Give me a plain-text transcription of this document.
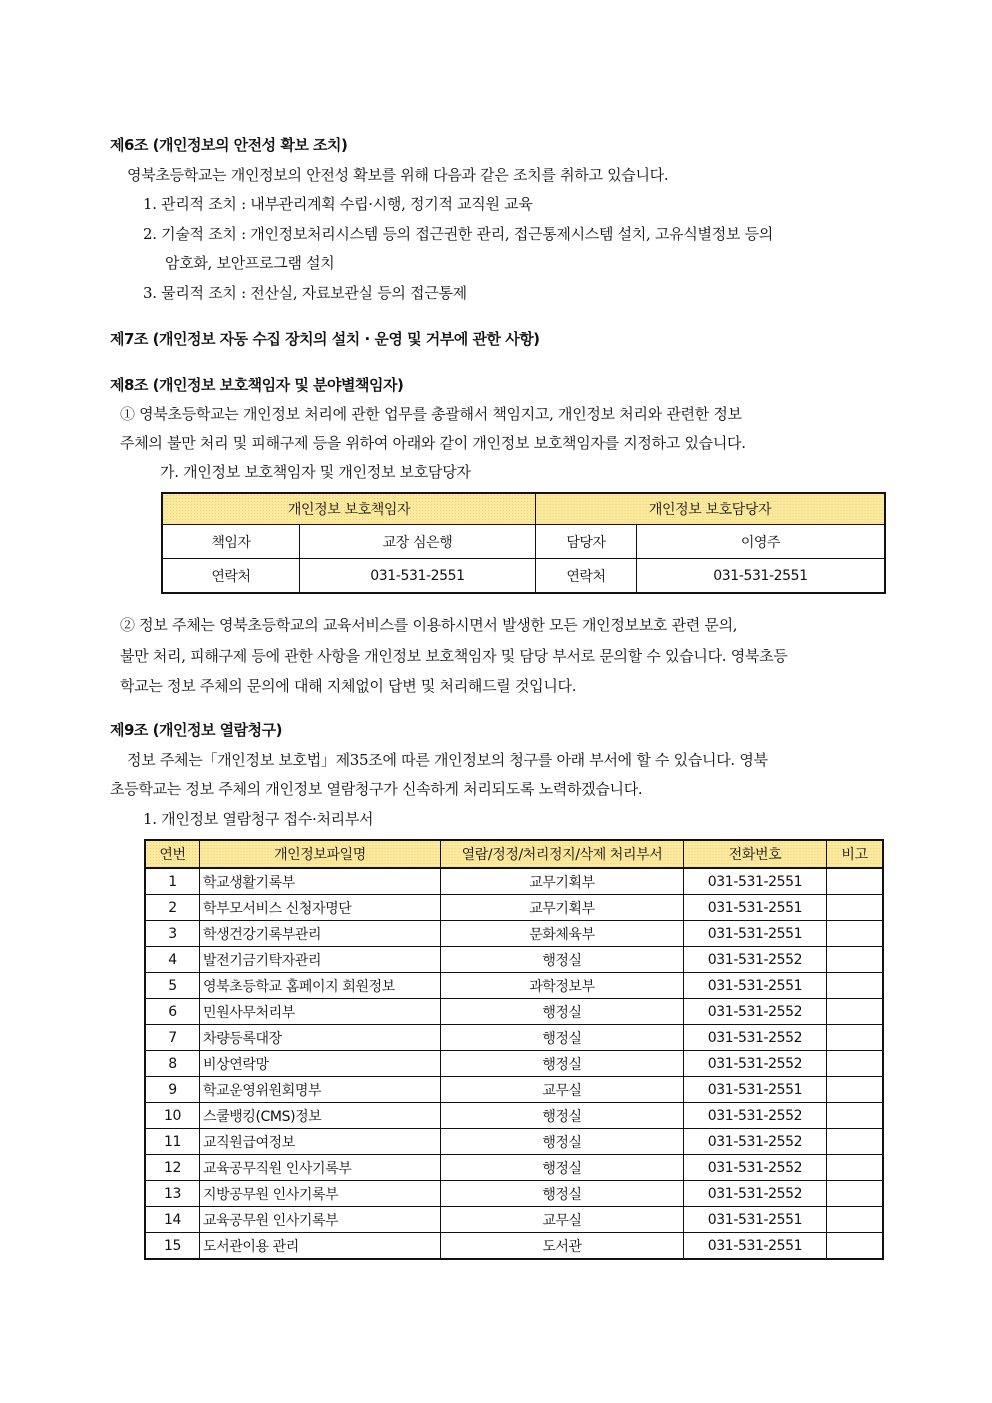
제6조 (개인정보의 안전성 확보 조치)
영북초등학교는 개인정보의 안전성 확보를 위해 다음과 같은 조치를 취하고 있습니다.
1. 관리적 조치 : 내부관리계획 수립·시행, 정기적 교직원 교육
2. 기술적 조치 : 개인정보처리시스템 등의 접근권한 관리, 접근통제시스템 설치, 고유식별정보 등의
암호화, 보안프로그램 설치
3. 물리적 조치 : 전산실, 자료보관실 등의 접근통제
제7조 (개인정보 자동 수집 장치의 설치 · 운영 및 거부에 관한 사항)
제8조 (개인정보 보호책임자 및 분야별책임자)
① 영북초등학교는 개인정보 처리에 관한 업무를 총괄해서 책임지고, 개인정보 처리와 관련한 정보
주체의 불만 처리 및 피해구제 등을 위하여 아래와 같이 개인정보 보호책임자를 지정하고 있습니다.
가. 개인정보 보호책임자 및 개인정보 보호담당자
개인정보 보호책임자		개인정보 보호담당자	
책임자	교장 심은행	담당자	이영주
연락처	031-531-2551	연락처	031-531-2551
② 정보 주체는 영북초등학교의 교육서비스를 이용하시면서 발생한 모든 개인정보보호 관련 문의,
불만 처리, 피해구제 등에 관한 사항을 개인정보 보호책임자 및 담당 부서로 문의할 수 있습니다. 영북초등
학교는 정보 주체의 문의에 대해 지체없이 답변 및 처리해드릴 것입니다.
제9조 (개인정보 열람청구)
정보 주체는「개인정보 보호법」제35조에 따른 개인정보의 청구를 아래 부서에 할 수 있습니다. 영북
초등학교는 정보 주체의 개인정보 열람청구가 신속하게 처리되도록 노력하겠습니다.
1. 개인정보 열람청구 접수·처리부서
연번	개인정보파일명	열람/정정/처리정지/삭제 처리부서	전화번호	비고
1	학교생활기록부	교무기획부	031-531-2551	
2	학부모서비스 신청자명단	교무기획부	031-531-2551	
3	학생건강기록부관리	문화체육부	031-531-2551	
4	발전기금기탁자관리	행정실	031-531-2552	
5	영북초등학교 홈페이지 회원정보	과학정보부	031-531-2551	
6	민원사무처리부	행정실	031-531-2552	
7	차량등록대장	행정실	031-531-2552	
8	비상연락망	행정실	031-531-2552	
9	학교운영위원회명부	교무실	031-531-2551	
10	스쿨뱅킹(CMS)정보	행정실	031-531-2552	
11	교직원급여정보	행정실	031-531-2552	
12	교육공무직원 인사기록부	행정실	031-531-2552	
13	지방공무원 인사기록부	행정실	031-531-2552	
14	교육공무원 인사기록부	교무실	031-531-2551	
15	도서관이용 관리	도서관	031-531-2551	
